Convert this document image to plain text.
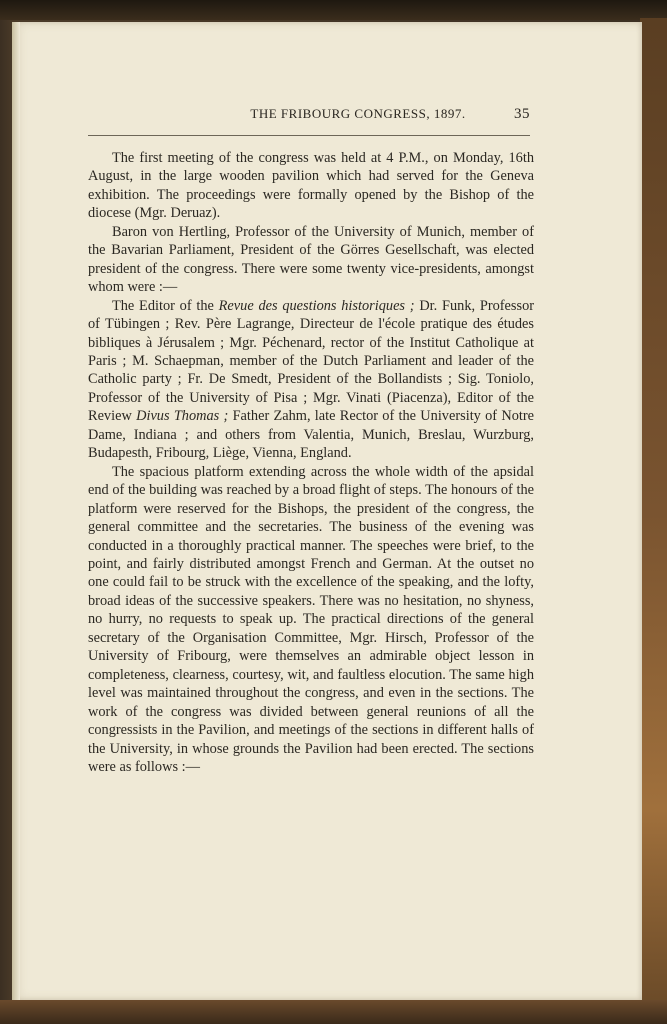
THE FRIBOURG CONGRESS, 1897.	35

The first meeting of the congress was held at 4 P.M., on Monday, 16th August, in the large wooden pavilion which had served for the Geneva exhibition. The proceedings were formally opened by the Bishop of the diocese (Mgr. Deruaz).

Baron von Hertling, Professor of the University of Munich, member of the Bavarian Parliament, President of the Görres Gesellschaft, was elected president of the congress. There were some twenty vice-presidents, amongst whom were :—

The Editor of the Revue des questions historiques ; Dr. Funk, Professor of Tübingen ; Rev. Père Lagrange, Directeur de l'école pratique des études bibliques à Jérusalem ; Mgr. Péchenard, rector of the Institut Catholique at Paris ; M. Schaepman, member of the Dutch Parliament and leader of the Catholic party ; Fr. De Smedt, President of the Bollandists ; Sig. Toniolo, Professor of the University of Pisa ; Mgr. Vinati (Piacenza), Editor of the Review Divus Thomas ; Father Zahm, late Rector of the University of Notre Dame, Indiana ; and others from Valentia, Munich, Breslau, Wurzburg, Budapesth, Fribourg, Liège, Vienna, England.

The spacious platform extending across the whole width of the apsidal end of the building was reached by a broad flight of steps. The honours of the platform were reserved for the Bishops, the president of the congress, the general committee and the secretaries. The business of the evening was conducted in a thoroughly practical manner. The speeches were brief, to the point, and fairly distributed amongst French and German. At the outset no one could fail to be struck with the excellence of the speaking, and the lofty, broad ideas of the successive speakers. There was no hesitation, no shyness, no hurry, no requests to speak up. The practical directions of the general secretary of the Organisation Committee, Mgr. Hirsch, Professor of the University of Fribourg, were themselves an admirable object lesson in completeness, clearness, courtesy, wit, and faultless elocution. The same high level was maintained throughout the congress, and even in the sections. The work of the congress was divided between general reunions of all the congressists in the Pavilion, and meetings of the sections in different halls of the University, in whose grounds the Pavilion had been erected. The sections were as follows :—
